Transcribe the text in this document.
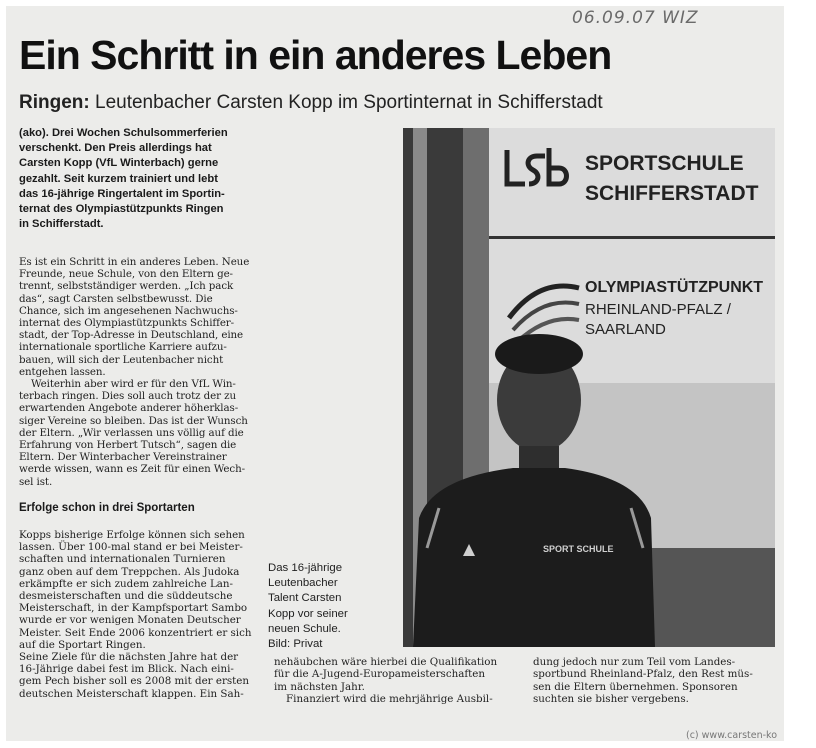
06.09.07 WIZ
Ein Schritt in ein anderes Leben
Ringen: Leutenbacher Carsten Kopp im Sportinternat in Schifferstadt
(ako). Drei Wochen Schulsommerferien
verschenkt. Den Preis allerdings hat
Carsten Kopp (VfL Winterbach) gerne
gezahlt. Seit kurzem trainiert und lebt
das 16-jährige Ringertalent im Sportin-
ternat des Olympiastützpunkts Ringen
in Schifferstadt.
Es ist ein Schritt in ein anderes Leben. Neue
Freunde, neue Schule, von den Eltern ge-
trennt, selbstständiger werden. „Ich pack
das“, sagt Carsten selbstbewusst. Die
Chance, sich im angesehenen Nachwuchs-
internat des Olympiastützpunkts Schiffer-
stadt, der Top-Adresse in Deutschland, eine
internationale sportliche Karriere aufzu-
bauen, will sich der Leutenbacher nicht
entgehen lassen.
Weiterhin aber wird er für den VfL Win-
terbach ringen. Dies soll auch trotz der zu
erwartenden Angebote anderer höherklas-
siger Vereine so bleiben. Das ist der Wunsch
der Eltern. „Wir verlassen uns völlig auf die
Erfahrung von Herbert Tutsch“, sagen die
Eltern. Der Winterbacher Vereinstrainer
werde wissen, wann es Zeit für einen Wech-
sel ist.
Erfolge schon in drei Sportarten
Kopps bisherige Erfolge können sich sehen
lassen. Über 100-mal stand er bei Meister-
schaften und internationalen Turnieren
ganz oben auf dem Treppchen. Als Judoka
erkämpfte er sich zudem zahlreiche Lan-
desmeisterschaften und die süddeutsche
Meisterschaft, in der Kampfsportart Sambo
wurde er vor wenigen Monaten Deutscher
Meister. Seit Ende 2006 konzentriert er sich
auf die Sportart Ringen.
Seine Ziele für die nächsten Jahre hat der
16-Jährige dabei fest im Blick. Nach eini-
gem Pech bisher soll es 2008 mit der ersten
deutschen Meisterschaft klappen. Ein Sah-
SPORTSCHULE
SCHIFFERSTADT
OLYMPIASTÜTZPUNKT
RHEINLAND-PFALZ /
SAARLAND
SPORT SCHULE
Das 16-jährige
Leutenbacher
Talent Carsten
Kopp vor seiner
neuen Schule.
Bild: Privat
nehäubchen wäre hierbei die Qualifikation
für die A-Jugend-Europameisterschaften
im nächsten Jahr.
Finanziert wird die mehrjährige Ausbil-
dung jedoch nur zum Teil vom Landes-
sportbund Rheinland-Pfalz, den Rest müs-
sen die Eltern übernehmen. Sponsoren
suchten sie bisher vergebens.
(c) www.carsten-ko
